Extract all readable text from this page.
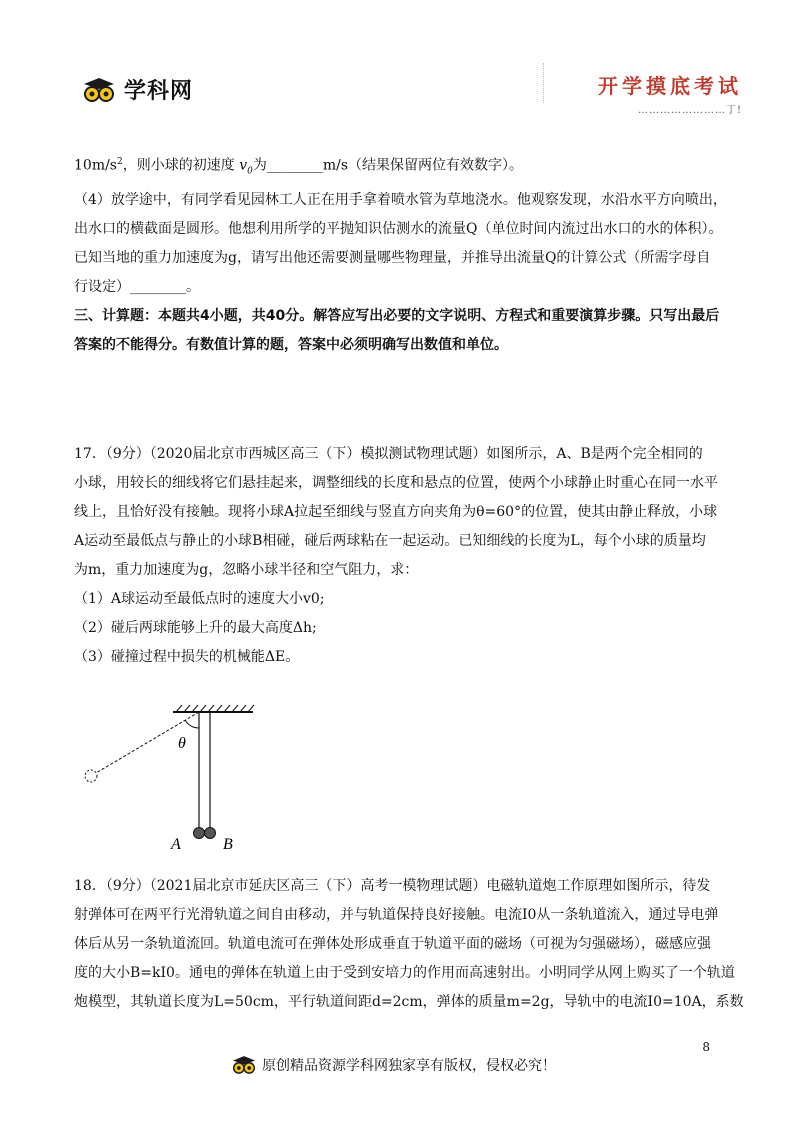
学科网	开学摸底考试
……………………丁!
$10m/s^2$，则小球的初速度 $v_0$为________m/s（结果保留两位有效数字）。
（4）放学途中，有同学看见园林工人正在用手拿着喷水管为草地浇水。他观察发现，水沿水平方向喷出，
出水口的横截面是圆形。他想利用所学的平抛知识估测水的流量Q（单位时间内流过出水口的水的体积）。
已知当地的重力加速度为g，请写出他还需要测量哪些物理量，并推导出流量Q的计算公式（所需字母自
行设定）________。
三、计算题：本题共4小题，共40分。解答应写出必要的文字说明、方程式和重要演算步骤。只写出最后
答案的不能得分。有数值计算的题，答案中必须明确写出数值和单位。
17．（9分）（2020届北京市西城区高三（下）模拟测试物理试题）如图所示，A、B是两个完全相同的
小球，用较长的细线将它们悬挂起来，调整细线的长度和悬点的位置，使两个小球静止时重心在同一水平
线上，且恰好没有接触。现将小球A拉起至细线与竖直方向夹角为θ=60°的位置，使其由静止释放，小球
A运动至最低点与静止的小球B相碰，碰后两球粘在一起运动。已知细线的长度为L，每个小球的质量均
为m，重力加速度为g，忽略小球半径和空气阻力，求：
（1）A球运动至最低点时的速度大小v0;
（2）碰后两球能够上升的最大高度Δh;
（3）碰撞过程中损失的机械能ΔE。
θ
A	B
18．（9分）（2021届北京市延庆区高三（下）高考一模物理试题）电磁轨道炮工作原理如图所示，待发
射弹体可在两平行光滑轨道之间自由移动，并与轨道保持良好接触。电流I0从一条轨道流入，通过导电弹
体后从另一条轨道流回。轨道电流可在弹体处形成垂直于轨道平面的磁场（可视为匀强磁场），磁感应强
度的大小B=kI0。通电的弹体在轨道上由于受到安培力的作用而高速射出。小明同学从网上购买了一个轨道
炮模型，其轨道长度为L=50cm，平行轨道间距d=2cm，弹体的质量m=2g，导轨中的电流I0=10A，系数
8
原创精品资源学科网独家享有版权，侵权必究！
